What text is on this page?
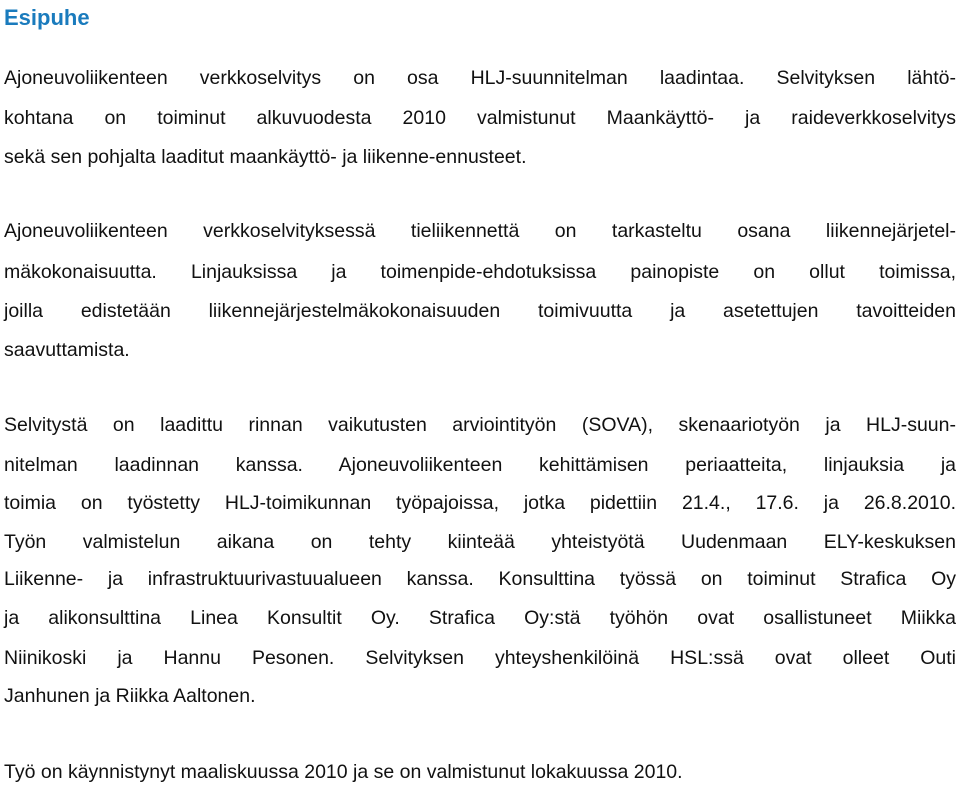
Esipuhe
Ajoneuvoliikenteen verkkoselvitys on osa HLJ-suunnitelman laadintaa. Selvityksen lähtö-
kohtana on toiminut alkuvuodesta 2010 valmistunut Maankäyttö- ja raideverkkoselvitys
sekä sen pohjalta laaditut maankäyttö- ja liikenne-ennusteet.
Ajoneuvoliikenteen verkkoselvityksessä tieliikennettä on tarkasteltu osana liikennejärjetel-
mäkokonaisuutta. Linjauksissa ja toimenpide-ehdotuksissa painopiste on ollut toimissa,
joilla edistetään liikennejärjestelmäkokonaisuuden toimivuutta ja asetettujen tavoitteiden
saavuttamista.
Selvitystä on laadittu rinnan vaikutusten arviointityön (SOVA), skenaariotyön ja HLJ-suun-
nitelman laadinnan kanssa. Ajoneuvoliikenteen kehittämisen periaatteita, linjauksia ja
toimia on työstetty HLJ-toimikunnan työpajoissa, jotka pidettiin 21.4., 17.6. ja 26.8.2010.
Työn valmistelun aikana on tehty kiinteää yhteistyötä Uudenmaan ELY-keskuksen
Liikenne- ja infrastruktuurivastuualueen kanssa. Konsulttina työssä on toiminut Strafica Oy
ja alikonsulttina Linea Konsultit Oy. Strafica Oy:stä työhön ovat osallistuneet Miikka
Niinikoski ja Hannu Pesonen. Selvityksen yhteyshenkilöinä HSL:ssä ovat olleet Outi
Janhunen ja Riikka Aaltonen.
Työ on käynnistynyt maaliskuussa 2010 ja se on valmistunut lokakuussa 2010.
